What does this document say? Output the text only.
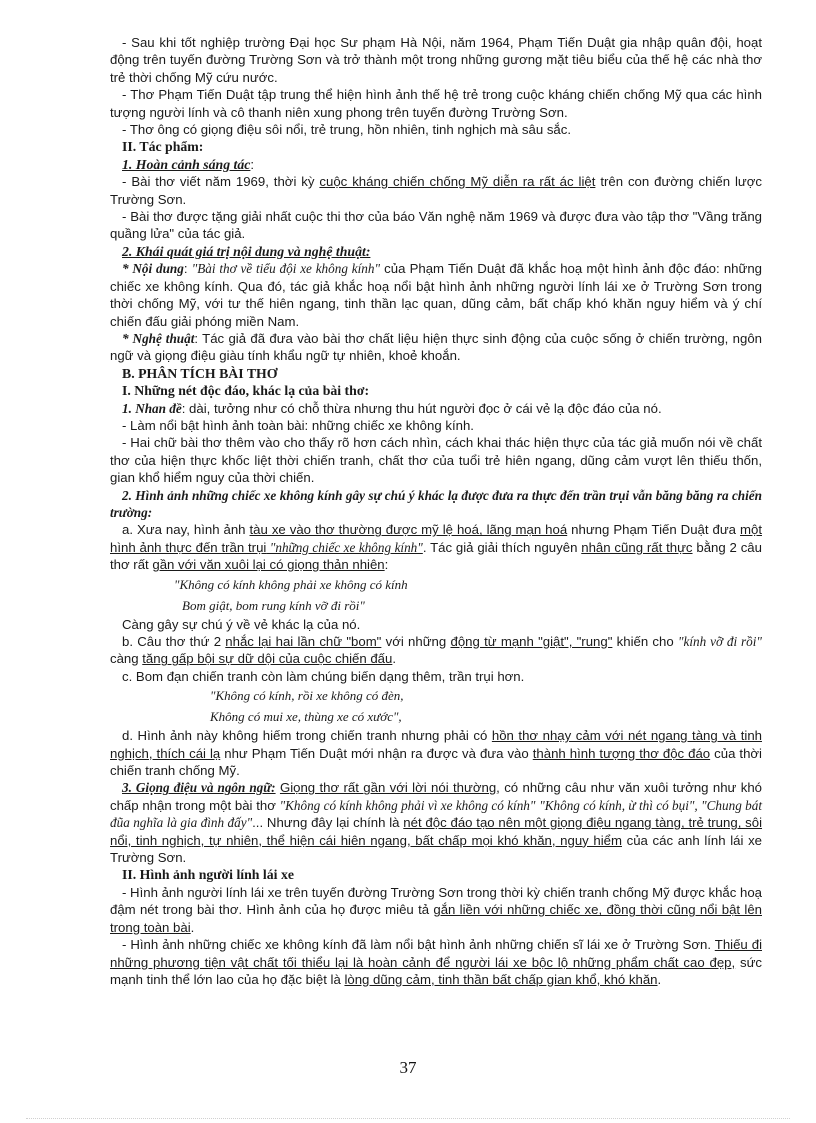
- Sau khi tốt nghiệp trường Đại học Sư phạm Hà Nội, năm 1964, Phạm Tiến Duật gia nhập quân đội, hoạt động trên tuyến đường Trường Sơn và trở thành một trong những gương mặt tiêu biểu của thế hệ các nhà thơ trẻ thời chống Mỹ cứu nước.

- Thơ Phạm Tiến Duật tập trung thể hiện hình ảnh thế hệ trẻ trong cuộc kháng chiến chống Mỹ qua các hình tượng người lính và cô thanh niên xung phong trên tuyến đường Trường Sơn.

- Thơ ông có giọng điệu sôi nổi, trẻ trung, hồn nhiên, tinh nghịch mà sâu sắc.

II. Tác phẩm:

1. Hoàn cảnh sáng tác:

- Bài thơ viết năm 1969, thời kỳ cuộc kháng chiến chống Mỹ diễn ra rất ác liệt trên con đường chiến lược Trường Sơn.

- Bài thơ được tặng giải nhất cuộc thi thơ của báo Văn nghệ năm 1969 và được đưa vào tập thơ "Vầng trăng quầng lửa" của tác giả.

2. Khái quát giá trị nội dung và nghệ thuật:

* Nội dung: "Bài thơ về tiểu đội xe không kính" của Phạm Tiến Duật đã khắc hoạ một hình ảnh độc đáo: những chiếc xe không kính. Qua đó, tác giả khắc hoạ nổi bật hình ảnh những người lính lái xe ở Trường Sơn trong thời chống Mỹ, với tư thế hiên ngang, tinh thần lạc quan, dũng cảm, bất chấp khó khăn nguy hiểm và ý chí chiến đấu giải phóng miền Nam.

* Nghệ thuật: Tác giả đã đưa vào bài thơ chất liệu hiện thực sinh động của cuộc sống ở chiến trường, ngôn ngữ và giọng điệu giàu tính khẩu ngữ tự nhiên, khoẻ khoắn.

B. PHÂN TÍCH BÀI THƠ

I. Những nét độc đáo, khác lạ của bài thơ:

1. Nhan đề: dài, tưởng như có chỗ thừa nhưng thu hút người đọc ở cái vẻ lạ độc đáo của nó.

- Làm nổi bật hình ảnh toàn bài: những chiếc xe không kính.

- Hai chữ bài thơ thêm vào cho thấy rõ hơn cách nhìn, cách khai thác hiện thực của tác giả muốn nói về chất thơ của hiện thực khốc liệt thời chiến tranh, chất thơ của tuổi trẻ hiên ngang, dũng cảm vượt lên thiếu thốn, gian khổ hiểm nguy của thời chiến.

2. Hình ảnh những chiếc xe không kính gây sự chú ý khác lạ được đưa ra thực đến trần trụi vẫn băng băng ra chiến trường:

a. Xưa nay, hình ảnh tàu xe vào thơ thường được mỹ lệ hoá, lãng mạn hoá nhưng Phạm Tiến Duật đưa một hình ảnh thực đến trần trụi "những chiếc xe không kính". Tác giả giải thích nguyên nhân cũng rất thực bằng 2 câu thơ rất gần với văn xuôi lại có giọng thản nhiên:

"Không có kính không phải xe không có kính

Bom giật, bom rung kính vỡ đi rồi"

Càng gây sự chú ý về vẻ khác lạ của nó.

b. Câu thơ thứ 2 nhắc lại hai lần chữ "bom" với những động từ mạnh "giật", "rung" khiến cho "kính vỡ đi rồi" càng tăng gấp bội sự dữ dội của cuộc chiến đấu.

c. Bom đạn chiến tranh còn làm chúng biến dạng thêm, trần trụi hơn.

"Không có kính, rồi xe không có đèn,

Không có mui xe, thùng xe có xước",

d. Hình ảnh này không hiếm trong chiến tranh nhưng phải có hồn thơ nhạy cảm với nét ngang tàng và tinh nghịch, thích cái lạ như Phạm Tiến Duật mới nhận ra được và đưa vào thành hình tượng thơ độc đáo của thời chiến tranh chống Mỹ.

3. Giọng điệu và ngôn ngữ: Giọng thơ rất gần với lời nói thường, có những câu như văn xuôi tưởng như khó chấp nhận trong một bài thơ "Không có kính không phải vì xe không có kính" "Không có kính, ừ thì có bụi", "Chung bát đũa nghĩa là gia đình đấy"... Nhưng đây lại chính là nét độc đáo tạo nên một giọng điệu ngang tàng, trẻ trung, sôi nổi, tinh nghịch, tự nhiên, thể hiện cái hiên ngang, bất chấp mọi khó khăn, nguy hiểm của các anh lính lái xe Trường Sơn.

II. Hình ảnh người lính lái xe

- Hình ảnh người lính lái xe trên tuyến đường Trường Sơn trong thời kỳ chiến tranh chống Mỹ được khắc hoạ đậm nét trong bài thơ. Hình ảnh của họ được miêu tả gắn liền với những chiếc xe, đồng thời cũng nổi bật lên trong toàn bài.

- Hình ảnh những chiếc xe không kính đã làm nổi bật hình ảnh những chiến sĩ lái xe ở Trường Sơn. Thiếu đi những phương tiện vật chất tối thiểu lại là hoàn cảnh để người lái xe bộc lộ những phẩm chất cao đẹp, sức mạnh tinh thể lớn lao của họ đặc biệt là lòng dũng cảm, tinh thần bất chấp gian khổ, khó khăn.

37
